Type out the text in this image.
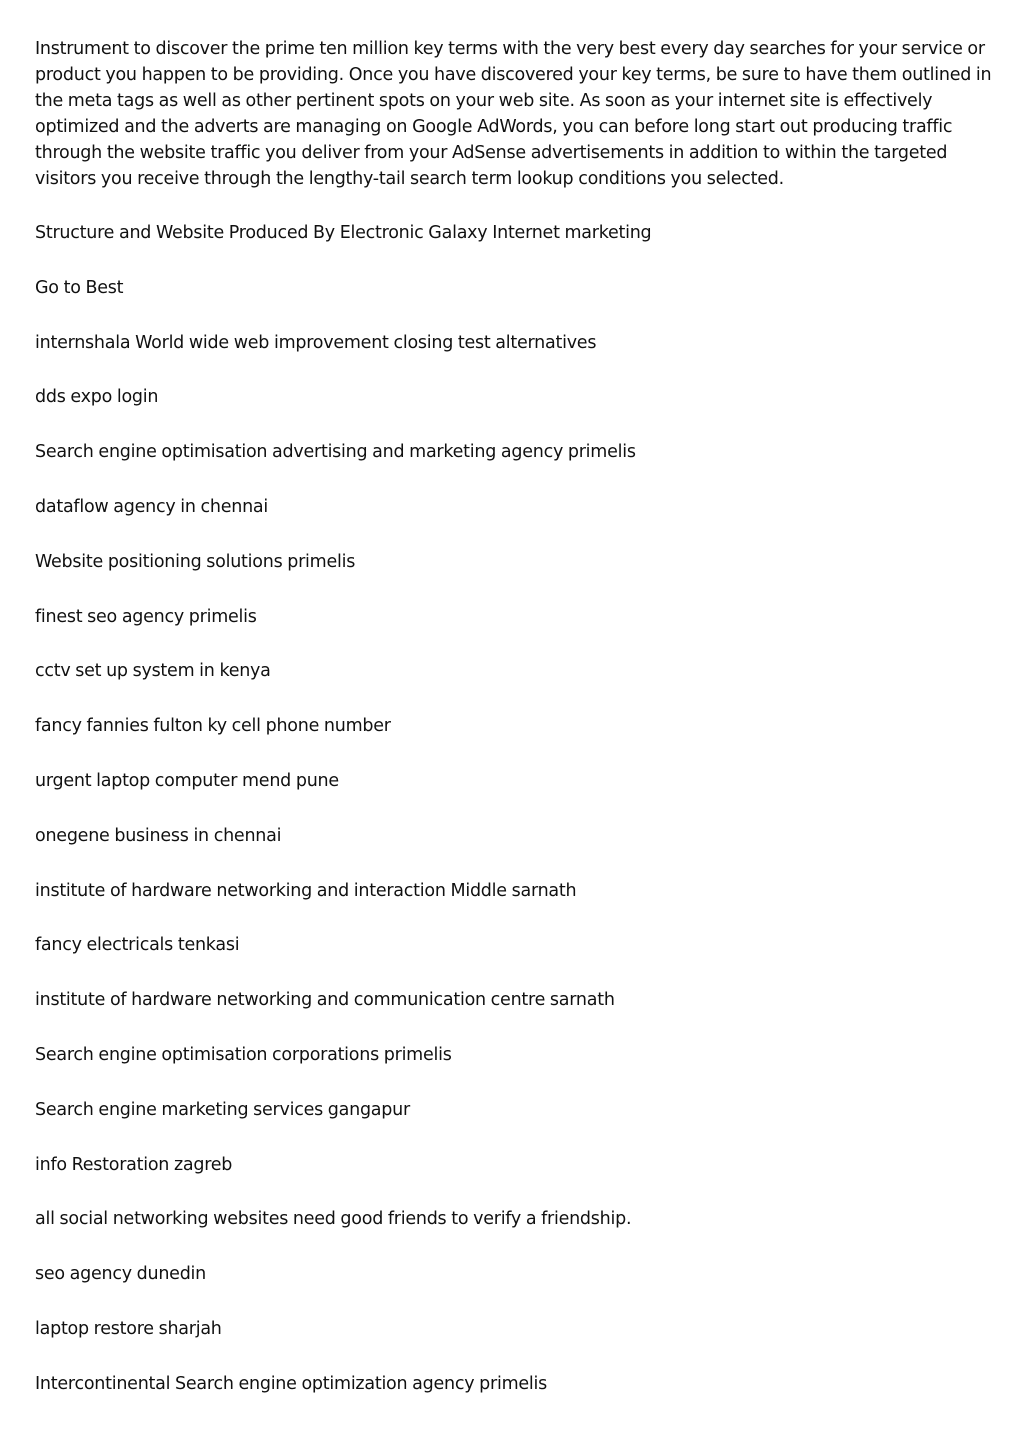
Instrument to discover the prime ten million key terms with the very best every day searches for your service or product you happen to be providing. Once you have discovered your key terms, be sure to have them outlined in the meta tags as well as other pertinent spots on your web site. As soon as your internet site is effectively optimized and the adverts are managing on Google AdWords, you can before long start out producing traffic through the website traffic you deliver from your AdSense advertisements in addition to within the targeted visitors you receive through the lengthy-tail search term lookup conditions you selected.

Structure and Website Produced By Electronic Galaxy Internet marketing
Go to Best
internshala World wide web improvement closing test alternatives
dds expo login
Search engine optimisation advertising and marketing agency primelis
dataflow agency in chennai
Website positioning solutions primelis
finest seo agency primelis
cctv set up system in kenya
fancy fannies fulton ky cell phone number
urgent laptop computer mend pune
onegene business in chennai
institute of hardware networking and interaction Middle sarnath
fancy electricals tenkasi
institute of hardware networking and communication centre sarnath
Search engine optimisation corporations primelis
Search engine marketing services gangapur
info Restoration zagreb
all social networking websites need good friends to verify a friendship.
seo agency dunedin
laptop restore sharjah
Intercontinental Search engine optimization agency primelis
